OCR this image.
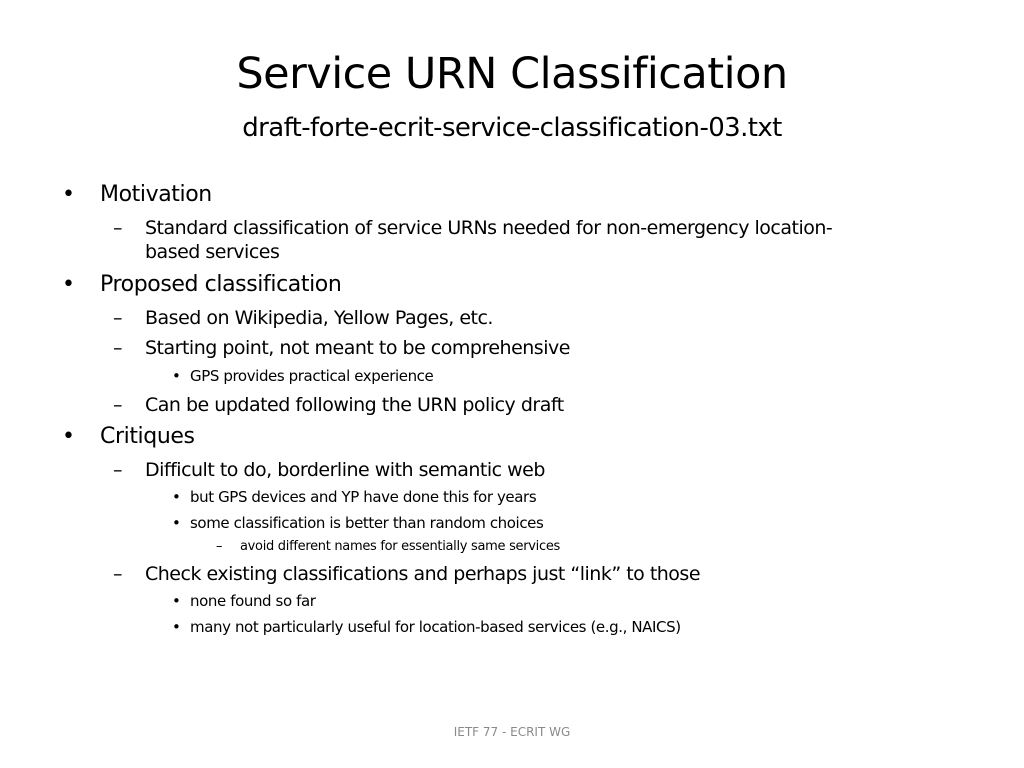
Service URN Classification
draft-forte-ecrit-service-classification-03.txt
• Motivation
– Standard classification of service URNs needed for non-emergency location-
based services
• Proposed classification
– Based on Wikipedia, Yellow Pages, etc.
– Starting point, not meant to be comprehensive
• GPS provides practical experience
– Can be updated following the URN policy draft
• Critiques
– Difficult to do, borderline with semantic web
• but GPS devices and YP have done this for years
• some classification is better than random choices
– avoid different names for essentially same services
– Check existing classifications and perhaps just “link” to those
• none found so far
• many not particularly useful for location-based services (e.g., NAICS)
IETF 77 - ECRIT WG
